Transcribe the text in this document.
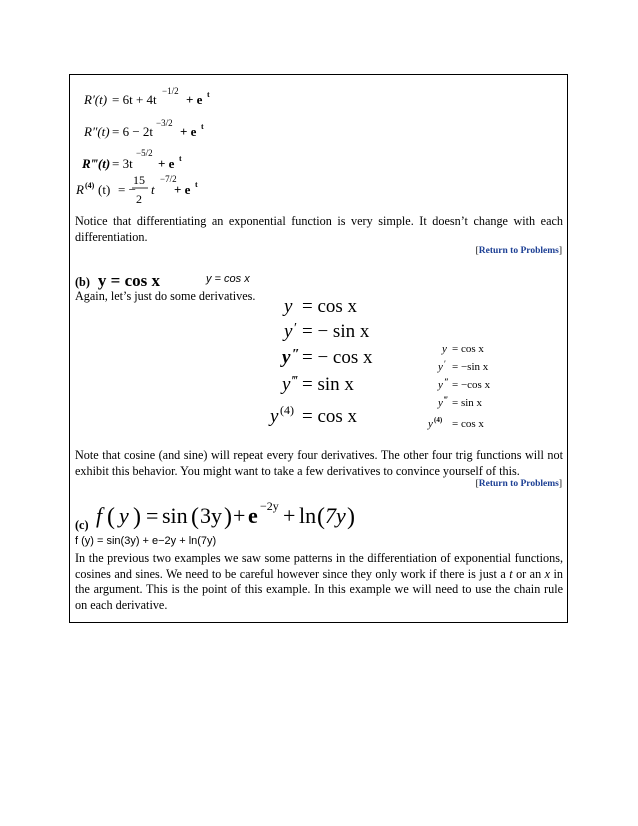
R′(t) = 6t + 4t
−1/2
+ e t
R″(t) = 6 − 2t
−3/2
+ e t
R‴(t) = 3t
−5/2
+ e t
R (4) (t) = −
15
2
t
−7/2
+ e t
Notice that differentiating an exponential function is very simple. It doesn’t change with each differentiation.
[Return to Problems]
(b) y = cos x	y = cos x
Again, let’s just do some derivatives. y = cos x
y ′ = − sin x
y ″ = − cos x
y ‴ = sin x
y (4) = cos x
y = cos x
y ′ = −sin x
y ″ = −cos x
y ‴ = sin x
y (4) = cos x
Note that cosine (and sine) will repeat every four derivatives. The other four trig functions will not exhibit this behavior. You might want to take a few derivatives to convince yourself of this.
[Return to Problems]
(c) f ( y ) = sin ( 3y ) + e −2y + ln ( 7y )
f (y) = sin(3y) + e−2y + ln(7y)
In the previous two examples we saw some patterns in the differentiation of exponential functions, cosines and sines. We need to be careful however since they only work if there is just a t or an x in the argument. This is the point of this example. In this example we will need to use the chain rule on each derivative.
